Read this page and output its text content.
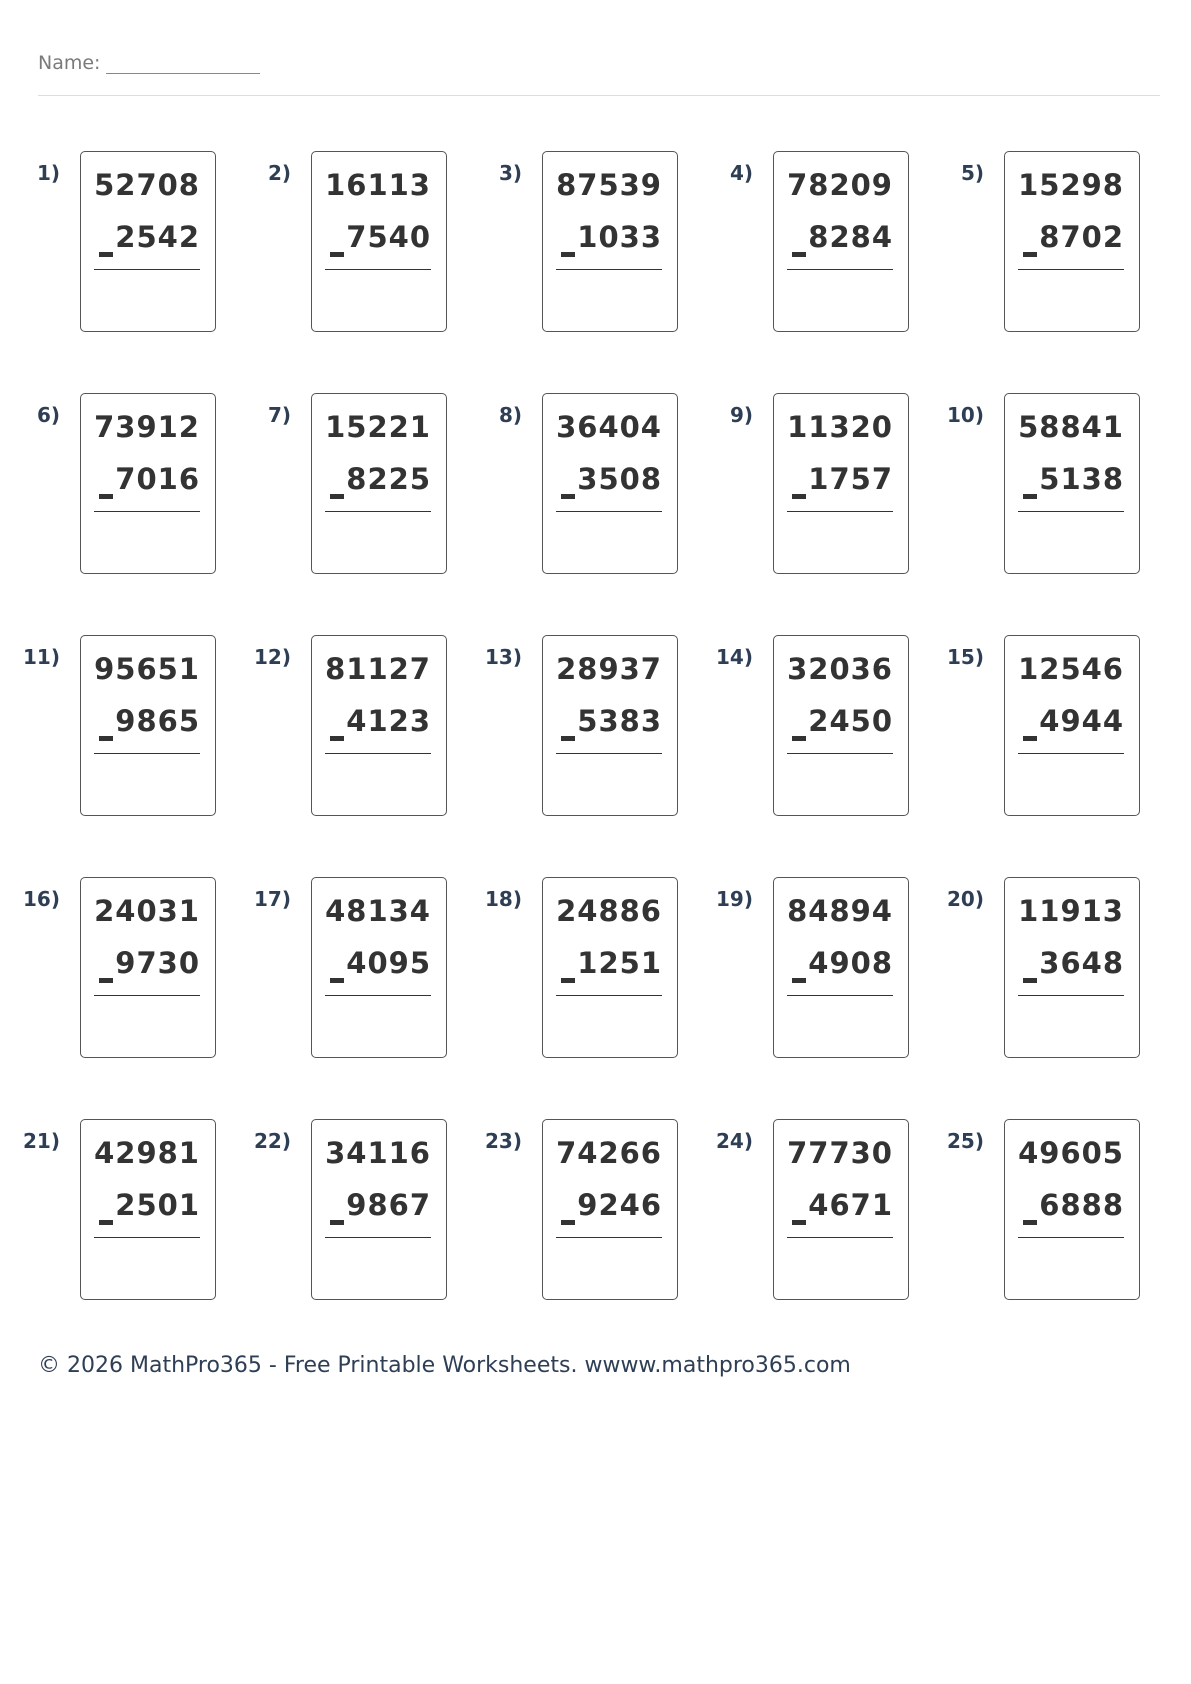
Name:
1) 52708
2542
2) 16113
7540
3) 87539
1033
4) 78209
8284
5) 15298
8702
6) 73912
7016
7) 15221
8225
8) 36404
3508
9) 11320
1757
10) 58841
5138
11) 95651
9865
12) 81127
4123
13) 28937
5383
14) 32036
2450
15) 12546
4944
16) 24031
9730
17) 48134
4095
18) 24886
1251
19) 84894
4908
20) 11913
3648
21) 42981
2501
22) 34116
9867
23) 74266
9246
24) 77730
4671
25) 49605
6888
© 2026 MathPro365 - Free Printable Worksheets. wwww.mathpro365.com
